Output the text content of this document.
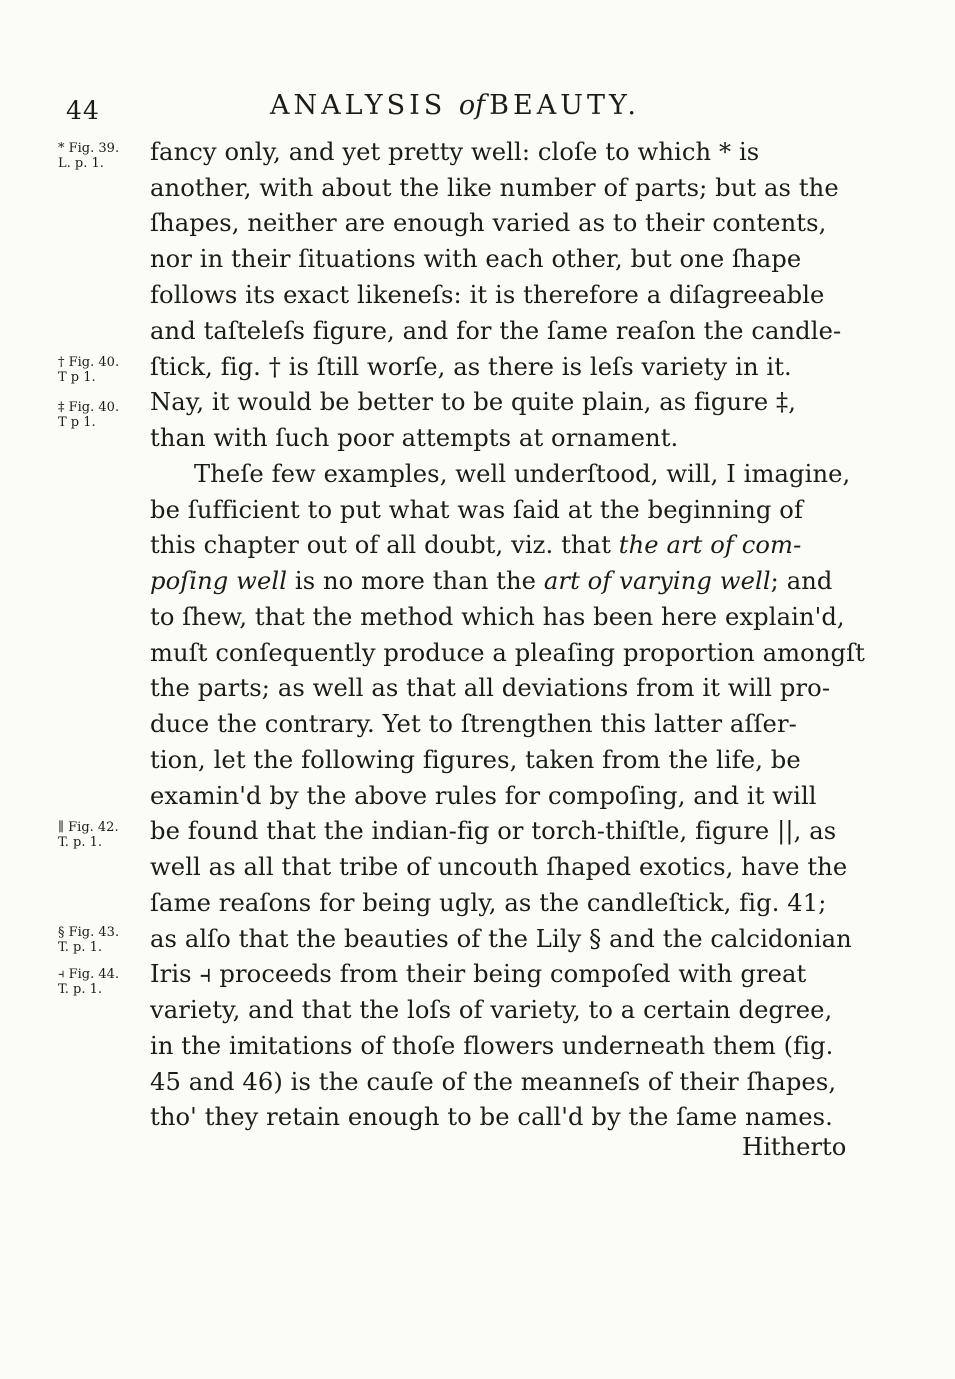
44	ANALYSIS of BEAUTY.
* Fig. 39.
L. p. 1.
† Fig. 40.
T p 1.
‡ Fig. 40.
T p 1.
∥ Fig. 42.
T. p. 1.
§ Fig. 43.
T. p. 1.
⫞ Fig. 44.
T. p. 1.
fancy only, and yet pretty well: cloſe to which * is
another, with about the like number of parts; but as the
ſhapes, neither are enough varied as to their contents,
nor in their ſituations with each other, but one ſhape
follows its exact likeneſs: it is therefore a diſagreeable
and taſteleſs figure, and for the ſame reaſon the candle-
ſtick, fig. † is ſtill worſe, as there is leſs variety in it.
Nay, it would be better to be quite plain, as figure ‡,
than with ſuch poor attempts at ornament.
Theſe few examples, well underſtood, will, I imagine,
be ſufficient to put what was ſaid at the beginning of
this chapter out of all doubt, viz. that the art of com-
poſing well is no more than the art of varying well; and
to ſhew, that the method which has been here explain'd,
muſt conſequently produce a pleaſing proportion amongſt
the parts; as well as that all deviations from it will pro-
duce the contrary. Yet to ſtrengthen this latter aſſer-
tion, let the following figures, taken from the life, be
examin'd by the above rules for compoſing, and it will
be found that the indian-fig or torch-thiſtle, figure ||, as
well as all that tribe of uncouth ſhaped exotics, have the
ſame reaſons for being ugly, as the candleſtick, fig. 41;
as alſo that the beauties of the Lily § and the calcidonian
Iris ⫞ proceeds from their being compoſed with great
variety, and that the loſs of variety, to a certain degree,
in the imitations of thoſe flowers underneath them (fig.
45 and 46) is the cauſe of the meanneſs of their ſhapes,
tho' they retain enough to be call'd by the ſame names.
Hitherto
